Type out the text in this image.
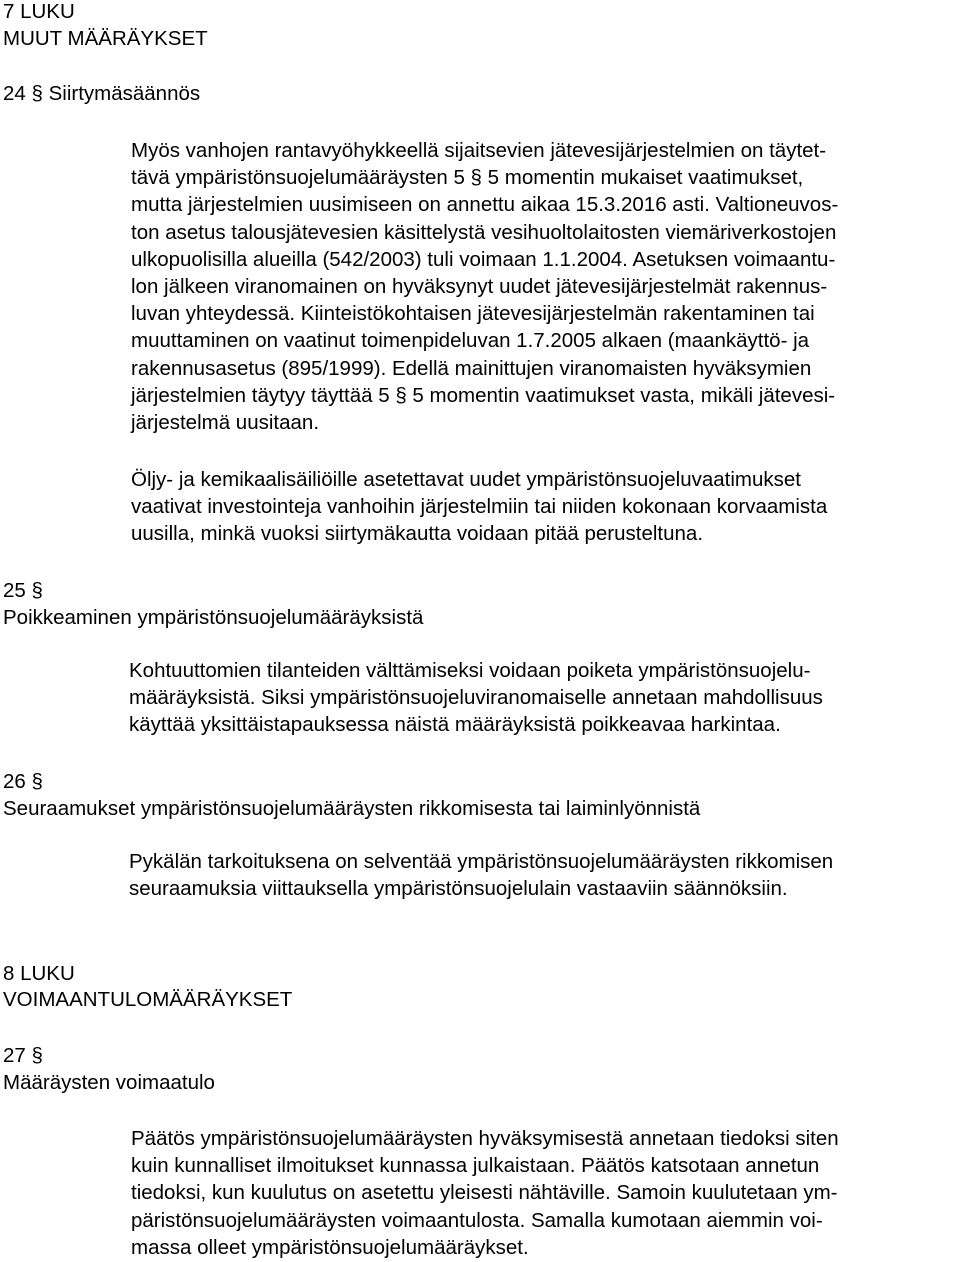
7 LUKU
MUUT MÄÄRÄYKSET
24 § Siirtymäsäännös
Myös vanhojen rantavyöhykkeellä sijaitsevien jätevesijärjestelmien on täytet-
tävä ympäristönsuojelumääräysten 5 § 5 momentin mukaiset vaatimukset,
mutta järjestelmien uusimiseen on annettu aikaa 15.3.2016 asti. Valtioneuvos-
ton asetus talousjätevesien käsittelystä vesihuoltolaitosten viemäriverkostojen
ulkopuolisilla alueilla (542/2003) tuli voimaan 1.1.2004. Asetuksen voimaantu-
lon jälkeen viranomainen on hyväksynyt uudet jätevesijärjestelmät rakennus-
luvan yhteydessä. Kiinteistökohtaisen jätevesijärjestelmän rakentaminen tai
muuttaminen on vaatinut toimenpideluvan 1.7.2005 alkaen (maankäyttö- ja
rakennusasetus (895/1999). Edellä mainittujen viranomaisten hyväksymien
järjestelmien täytyy täyttää 5 § 5 momentin vaatimukset vasta, mikäli jätevesi-
järjestelmä uusitaan.
Öljy- ja kemikaalisäiliöille asetettavat uudet ympäristönsuojeluvaatimukset
vaativat investointeja vanhoihin järjestelmiin tai niiden kokonaan korvaamista
uusilla, minkä vuoksi siirtymäkautta voidaan pitää perusteltuna.
25 §
Poikkeaminen ympäristönsuojelumääräyksistä
Kohtuuttomien tilanteiden välttämiseksi voidaan poiketa ympäristönsuojelu-
määräyksistä. Siksi ympäristönsuojeluviranomaiselle annetaan mahdollisuus
käyttää yksittäistapauksessa näistä määräyksistä poikkeavaa harkintaa.
26 §
Seuraamukset ympäristönsuojelumääräysten rikkomisesta tai laiminlyönnistä
Pykälän tarkoituksena on selventää ympäristönsuojelumääräysten rikkomisen
seuraamuksia viittauksella ympäristönsuojelulain vastaaviin säännöksiin.
8 LUKU
VOIMAANTULOMÄÄRÄYKSET
27 §
Määräysten voimaatulo
Päätös ympäristönsuojelumääräysten hyväksymisestä annetaan tiedoksi siten
kuin kunnalliset ilmoitukset kunnassa julkaistaan. Päätös katsotaan annetun
tiedoksi, kun kuulutus on asetettu yleisesti nähtäville. Samoin kuulutetaan ym-
päristönsuojelumääräysten voimaantulosta. Samalla kumotaan aiemmin voi-
massa olleet ympäristönsuojelumääräykset.
